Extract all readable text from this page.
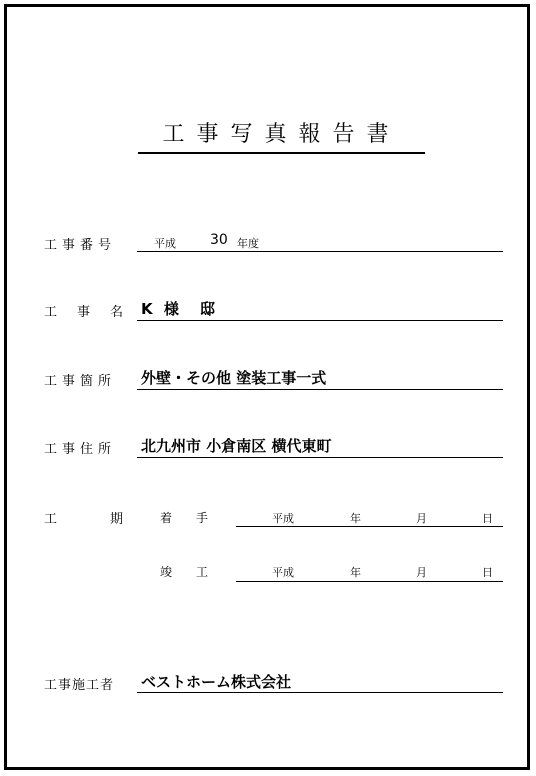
工事写真報告書
工事番号	平成 30 年度
工 事 名 K 様　邸
工事箇所 外壁・その他 塗装工事一式
工事住所 北九州市 小倉南区 横代東町
工	期	着　　手	平成	年	月	日
竣　　工	平成	年	月	日
工事施工者 ベストホーム株式会社
